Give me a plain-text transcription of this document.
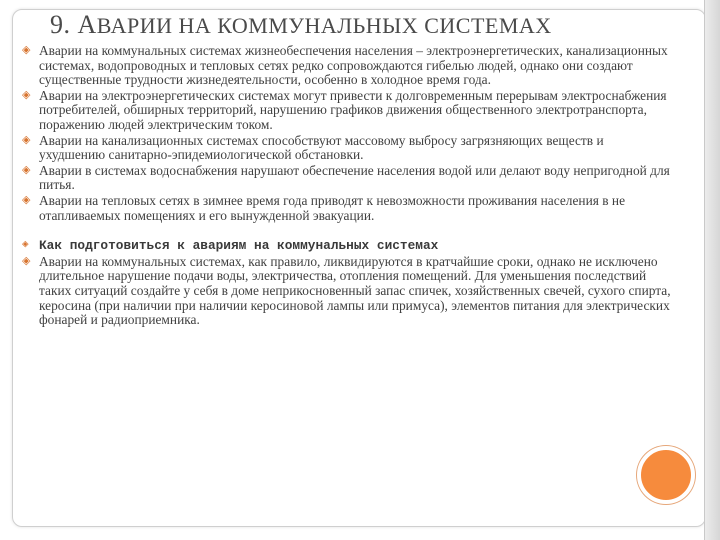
9. АВАРИИ НА КОММУНАЛЬНЫХ СИСТЕМАХ
◈ Аварии на коммунальных системах жизнеобеспечения населения – электроэнергетических, канализационных системах, водопроводных и тепловых сетях редко сопровождаются гибелью людей, однако они создают существенные трудности жизнедеятельности, особенно в холодное время года.
◈ Аварии на электроэнергетических системах могут привести к долговременным перерывам электроснабжения потребителей, обширных территорий, нарушению графиков движения общественного электротранспорта, поражению людей электрическим током.
◈ Аварии на канализационных системах способствуют массовому выбросу загрязняющих веществ и ухудшению санитарно-эпидемиологической обстановки.
◈ Аварии в системах водоснабжения нарушают обеспечение населения водой или делают воду непригодной для питья.
◈ Аварии на тепловых сетях в зимнее время года приводят к невозможности проживания населения в не отапливаемых помещениях и его вынужденной эвакуации.
◈ Как подготовиться к авариям на коммунальных системах
◈ Аварии на коммунальных системах, как правило, ликвидируются в кратчайшие сроки, однако не исключено длительное нарушение подачи воды, электричества, отопления помещений. Для уменьшения последствий таких ситуаций создайте у себя в доме неприкосновенный запас спичек, хозяйственных свечей, сухого спирта, керосина (при наличии при наличии керосиновой лампы или примуса), элементов питания для электрических фонарей и радиоприемника.
